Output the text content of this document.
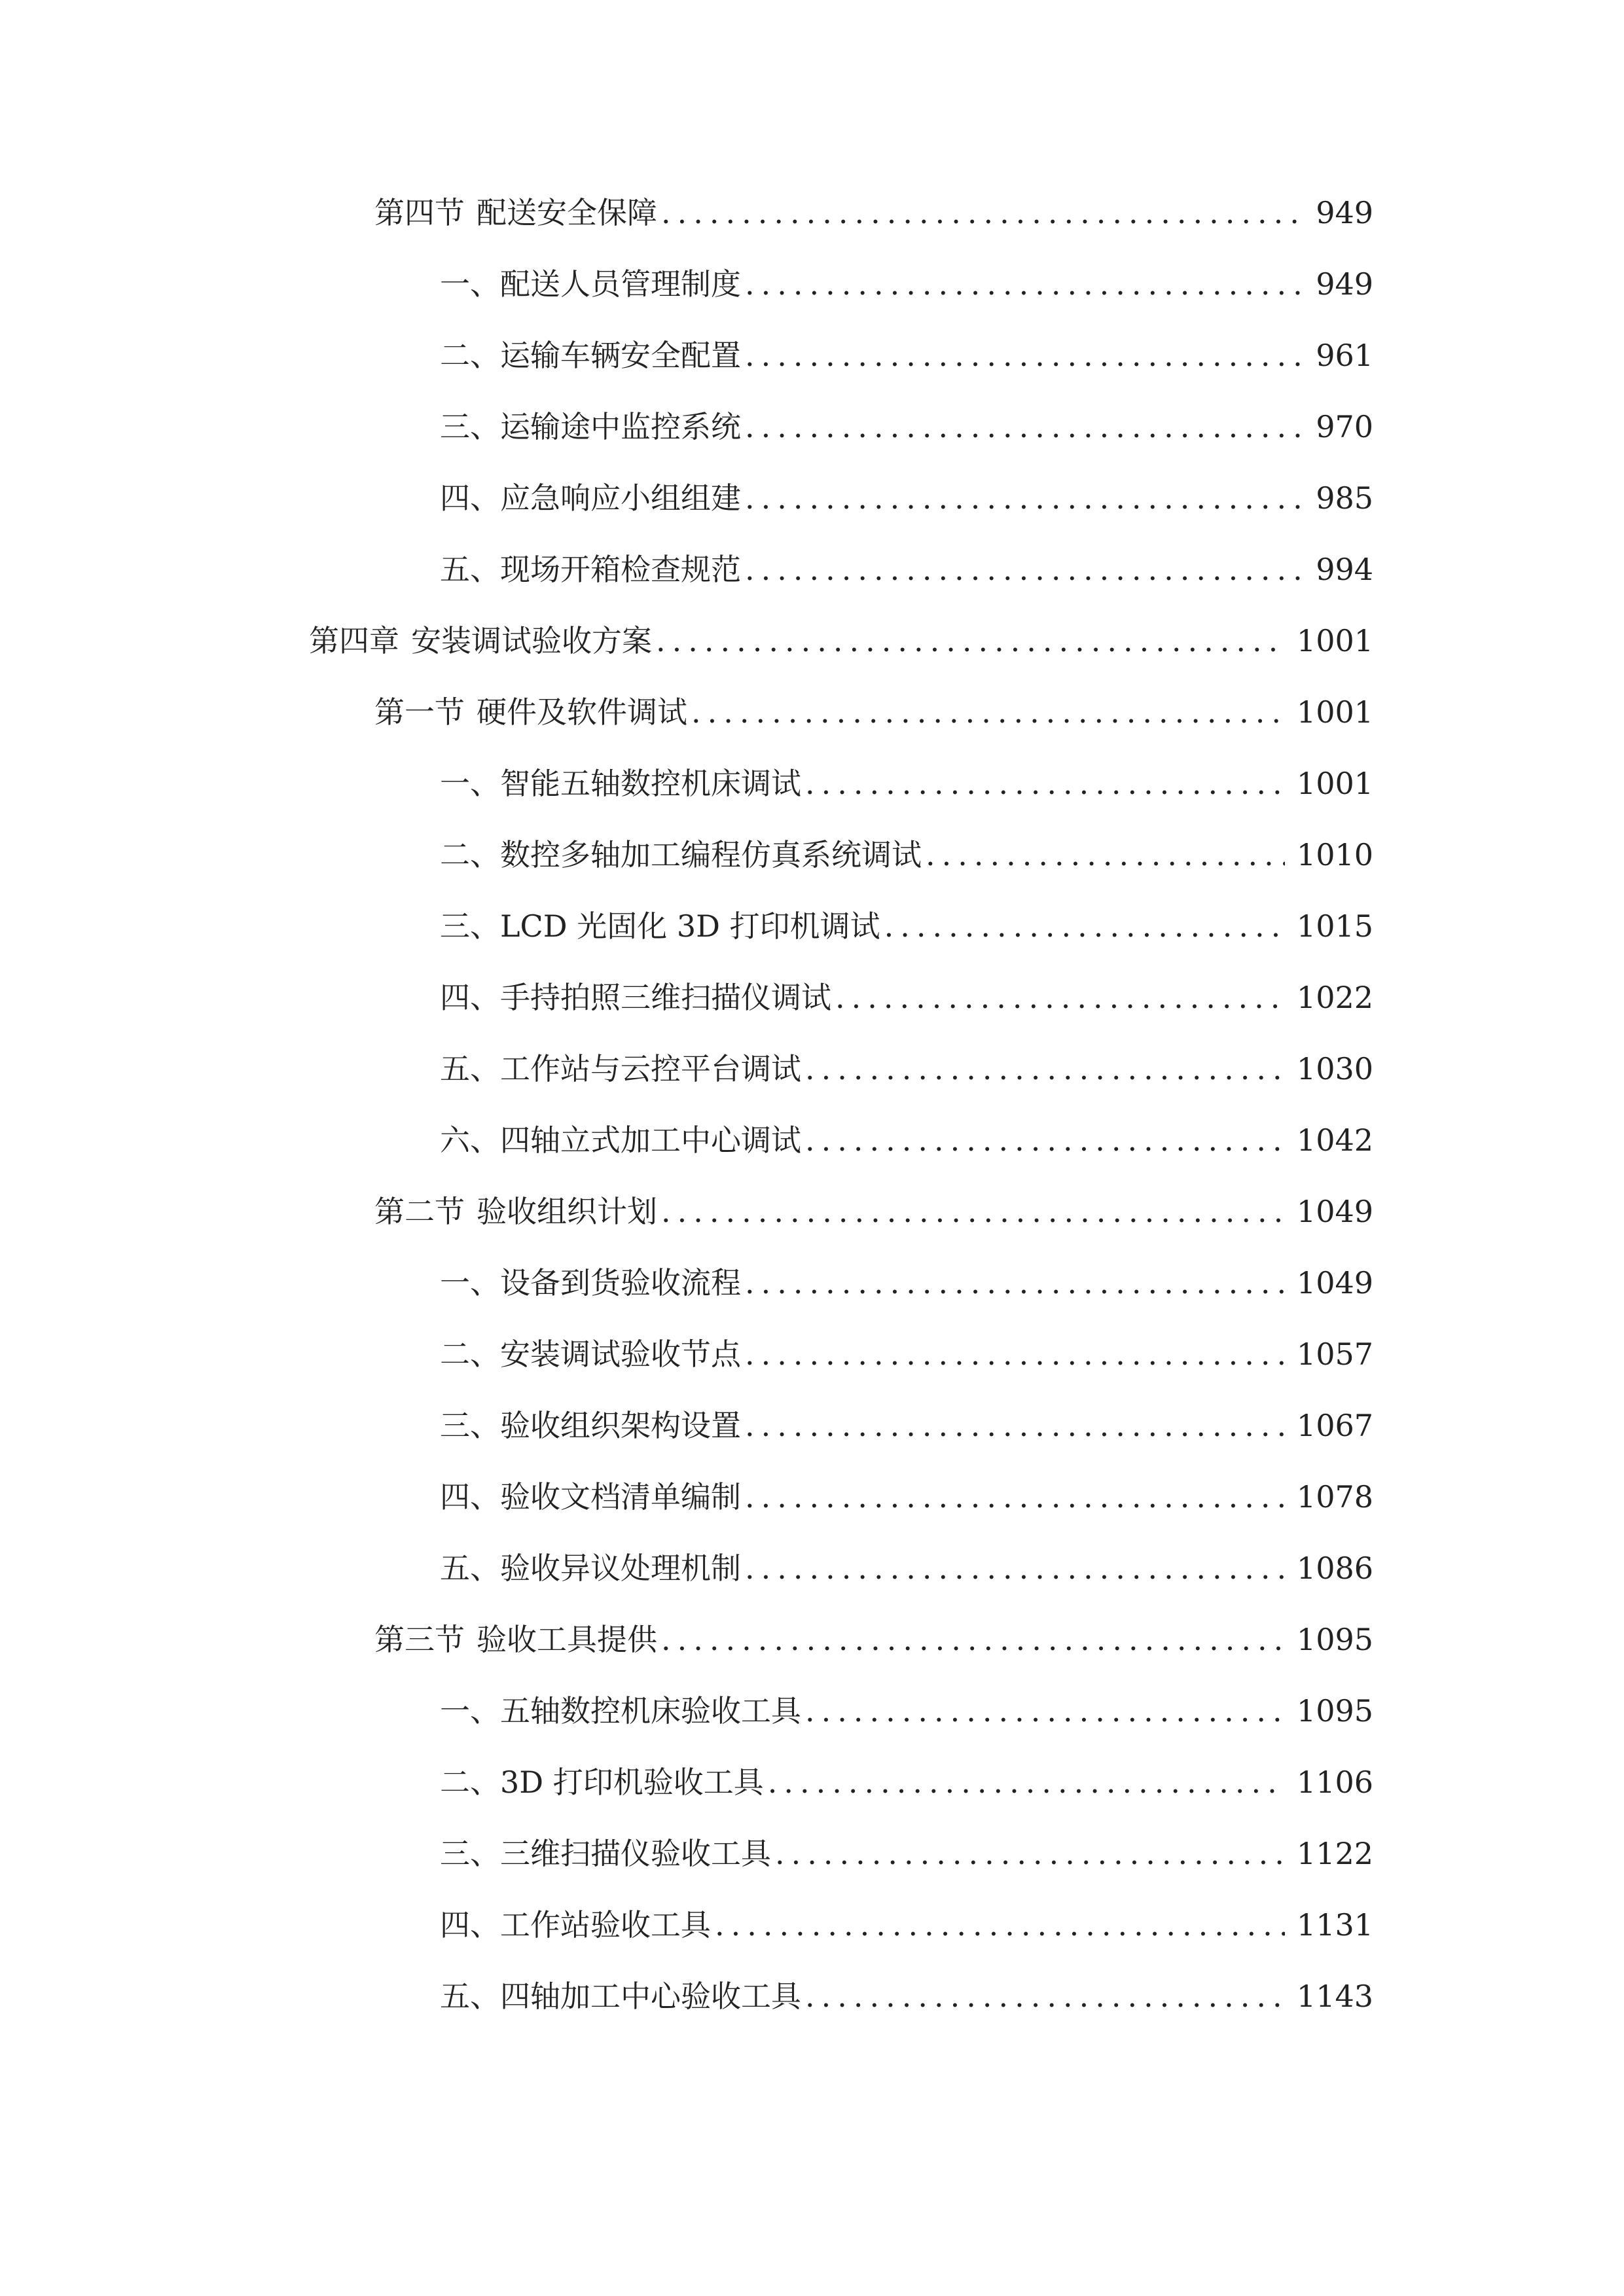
第四节 配送安全保障 .....	949
一、 配送人员管理制度 .....	949
二、 运输车辆安全配置 .....	961
三、 运输途中监控系统 .....	970
四、 应急响应小组组建 .....	985
五、 现场开箱检查规范 .....	994
第四章 安装调试验收方案 .....	1001
第一节 硬件及软件调试 .....	1001
一、 智能五轴数控机床调试 .....	1001
二、 数控多轴加工编程仿真系统调试 .....	1010
三、 LCD 光固化 3D 打印机调试 .....	1015
四、 手持拍照三维扫描仪调试 .....	1022
五、 工作站与云控平台调试 .....	1030
六、 四轴立式加工中心调试 .....	1042
第二节 验收组织计划 .....	1049
一、 设备到货验收流程 .....	1049
二、 安装调试验收节点 .....	1057
三、 验收组织架构设置 .....	1067
四、 验收文档清单编制 .....	1078
五、 验收异议处理机制 .....	1086
第三节 验收工具提供 .....	1095
一、 五轴数控机床验收工具 .....	1095
二、 3D 打印机验收工具 .....	1106
三、 三维扫描仪验收工具 .....	1122
四、 工作站验收工具 .....	1131
五、 四轴加工中心验收工具 .....	1143
